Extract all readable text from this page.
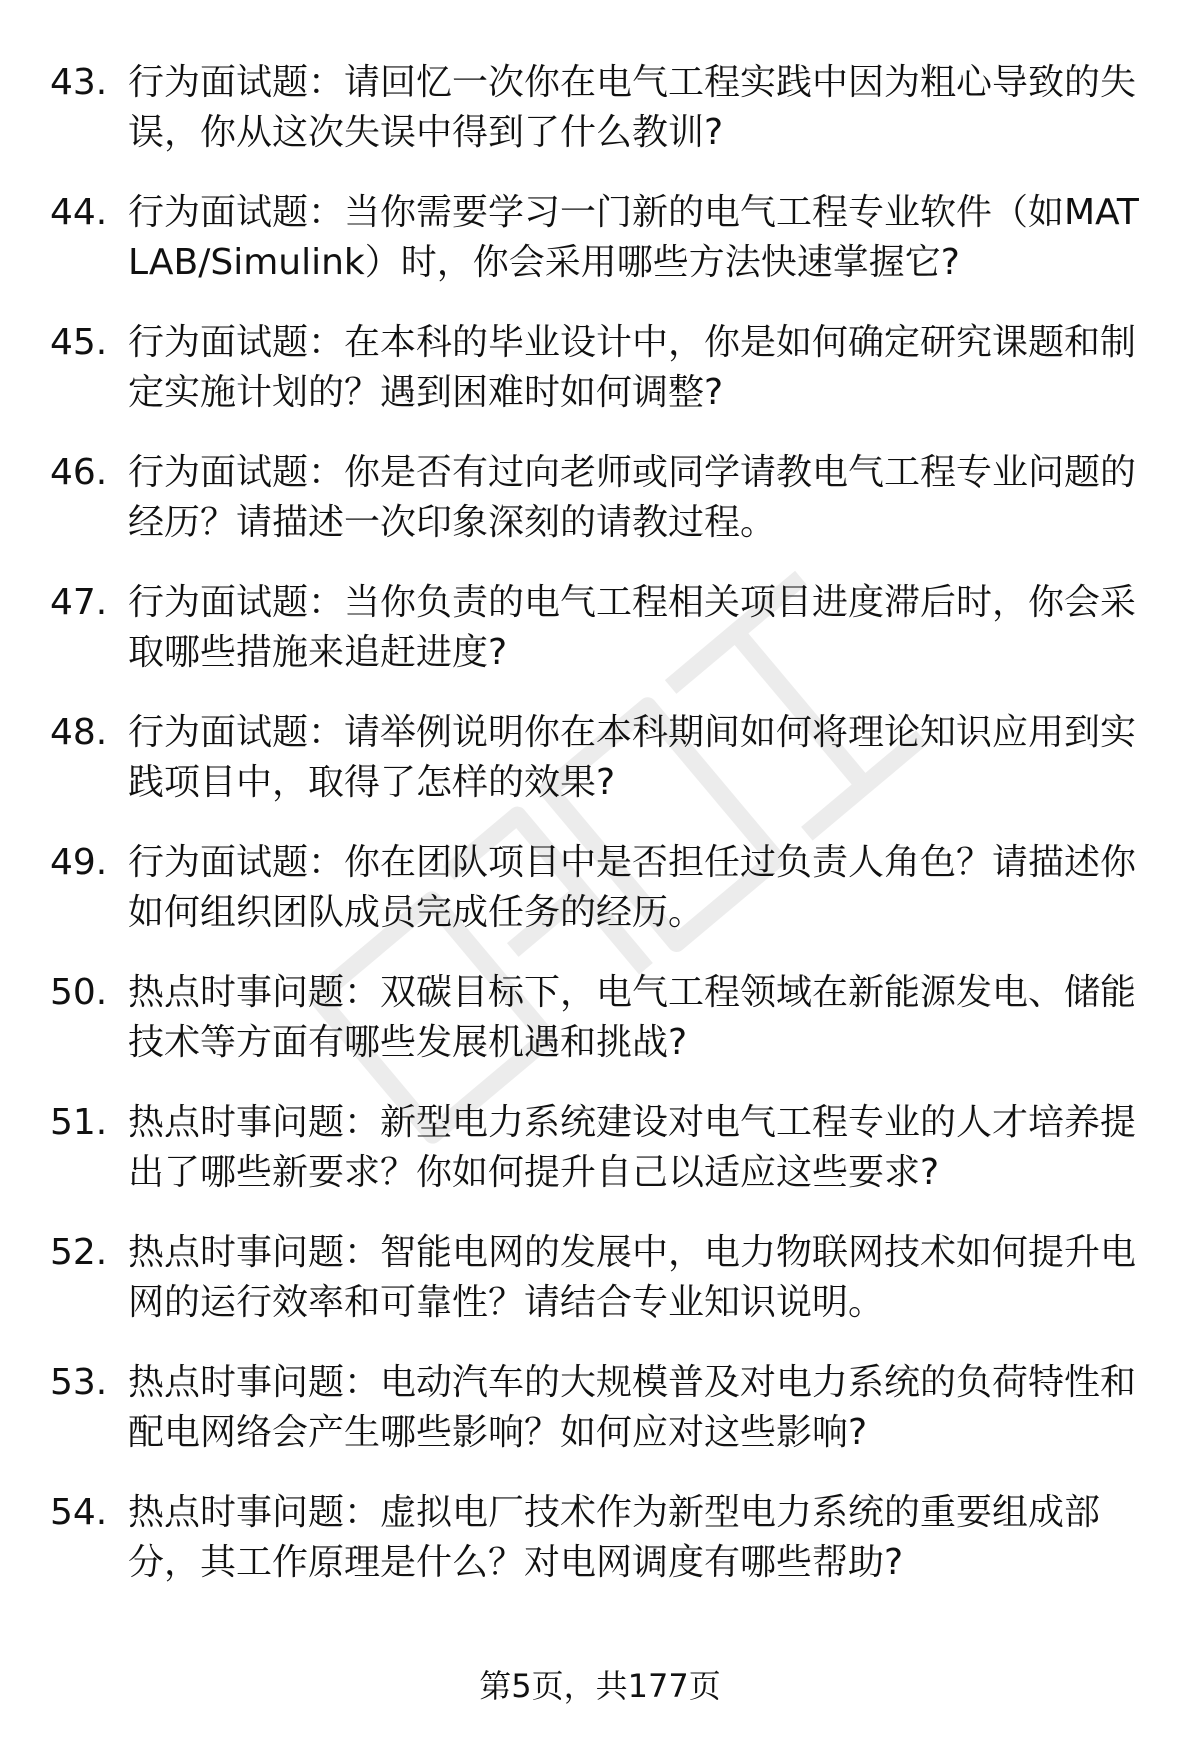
43. 行为面试题：请回忆一次你在电气工程实践中因为粗心导致的失误，你从这次失误中得到了什么教训?
44. 行为面试题：当你需要学习一门新的电气工程专业软件（如MATLAB/Simulink）时，你会采用哪些方法快速掌握它?
45. 行为面试题：在本科的毕业设计中，你是如何确定研究课题和制定实施计划的？遇到困难时如何调整?
46. 行为面试题：你是否有过向老师或同学请教电气工程专业问题的经历？请描述一次印象深刻的请教过程。
47. 行为面试题：当你负责的电气工程相关项目进度滞后时，你会采取哪些措施来追赶进度?
48. 行为面试题：请举例说明你在本科期间如何将理论知识应用到实践项目中，取得了怎样的效果?
49. 行为面试题：你在团队项目中是否担任过负责人角色？请描述你如何组织团队成员完成任务的经历。
50. 热点时事问题：双碳目标下，电气工程领域在新能源发电、储能技术等方面有哪些发展机遇和挑战?
51. 热点时事问题：新型电力系统建设对电气工程专业的人才培养提出了哪些新要求？你如何提升自己以适应这些要求?
52. 热点时事问题：智能电网的发展中，电力物联网技术如何提升电网的运行效率和可靠性？请结合专业知识说明。
53. 热点时事问题：电动汽车的大规模普及对电力系统的负荷特性和配电网络会产生哪些影响？如何应对这些影响?
54. 热点时事问题：虚拟电厂技术作为新型电力系统的重要组成部分，其工作原理是什么？对电网调度有哪些帮助?
第5页，共177页
